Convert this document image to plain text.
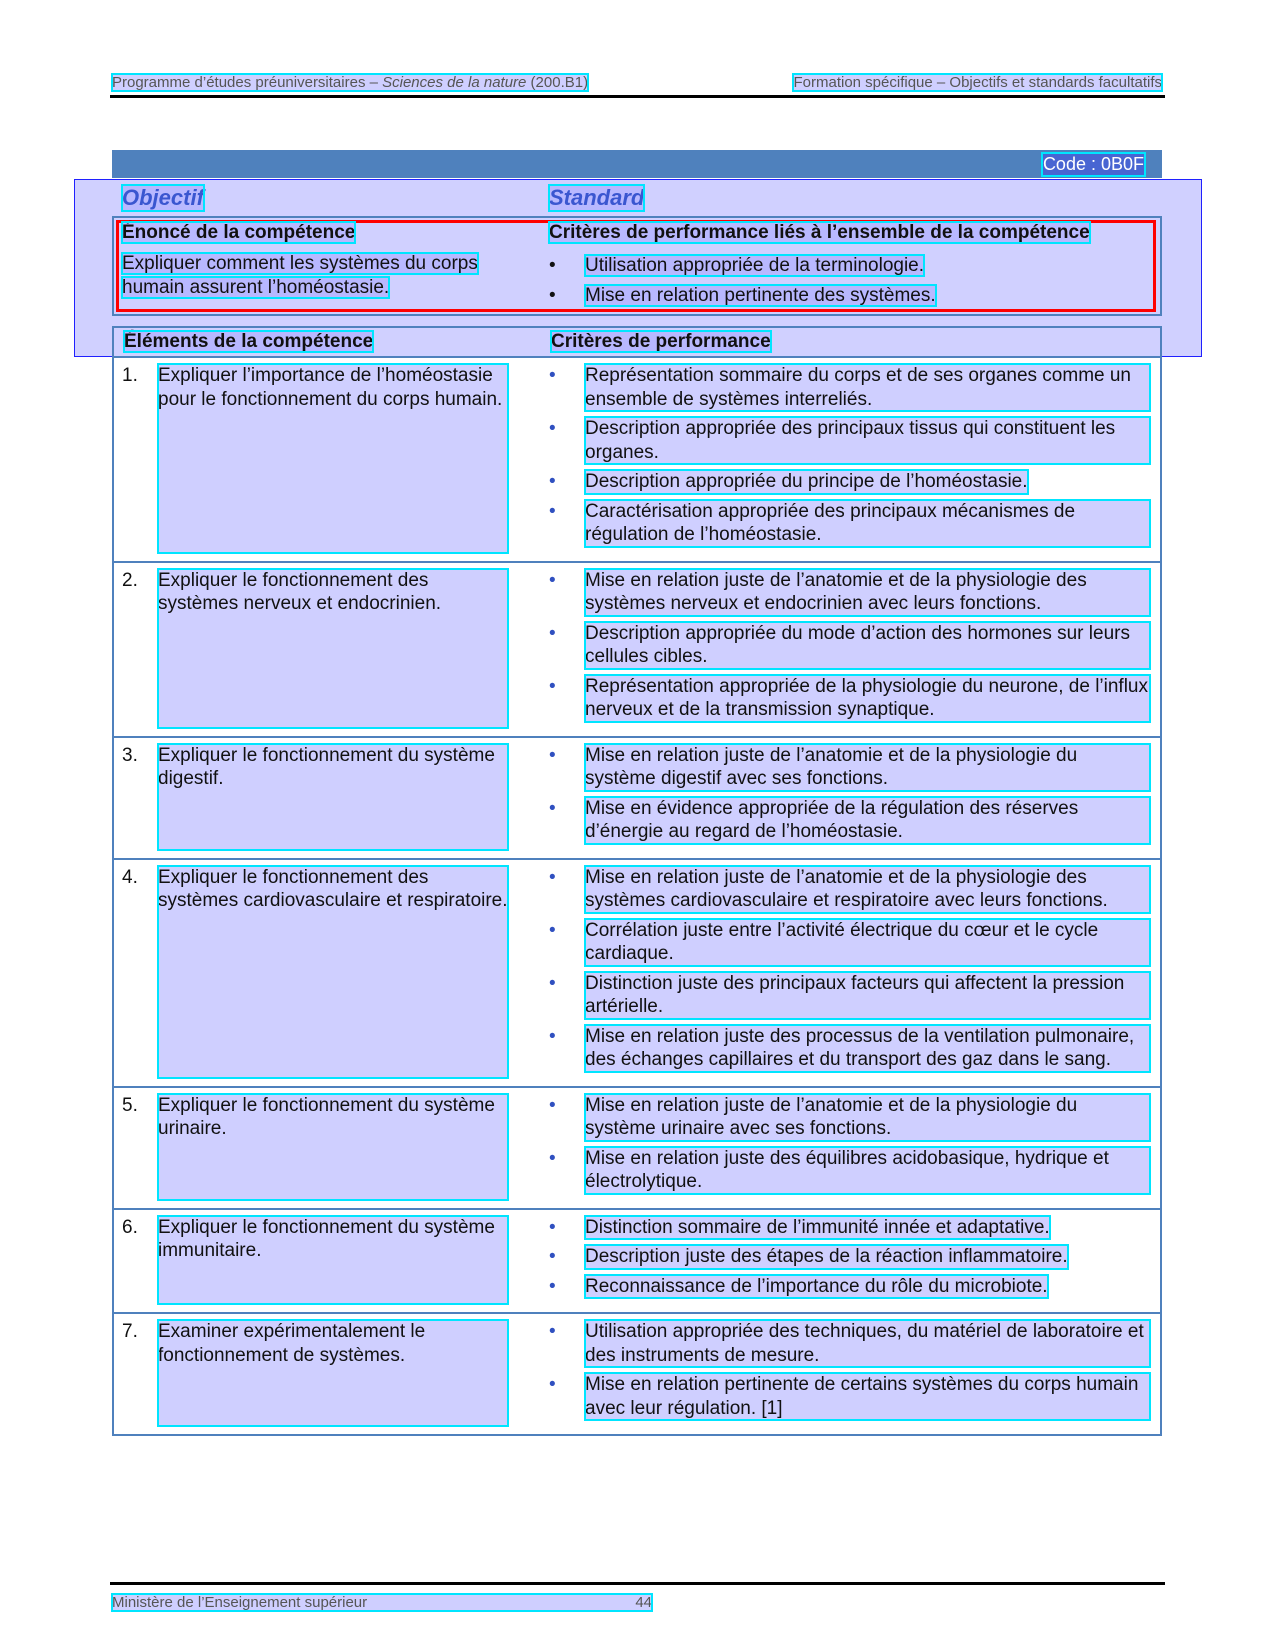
Programme d’études préuniversitaires – Sciences de la nature (200.B1)	Formation spécifique – Objectifs et standards facultatifs
Code : 0B0F
Objectif	Standard
Énoncé de la compétence	Critères de performance liés à l’ensemble de la compétence
Expliquer comment les systèmes du corps
humain assurent l’homéostasie.
• Utilisation appropriée de la terminologie.
• Mise en relation pertinente des systèmes.
Éléments de la compétence	Critères de performance
1.	Expliquer l’importance de l’homéostasie pour le fonctionnement du corps humain.
•	Représentation sommaire du corps et de ses organes comme un ensemble de systèmes interreliés.
•	Description appropriée des principaux tissus qui constituent les organes.
•	Description appropriée du principe de l’homéostasie.
•	Caractérisation appropriée des principaux mécanismes de régulation de l’homéostasie.
2.	Expliquer le fonctionnement des systèmes nerveux et endocrinien.
•	Mise en relation juste de l’anatomie et de la physiologie des systèmes nerveux et endocrinien avec leurs fonctions.
•	Description appropriée du mode d’action des hormones sur leurs cellules cibles.
•	Représentation appropriée de la physiologie du neurone, de l’influx nerveux et de la transmission synaptique.
3.	Expliquer le fonctionnement du système digestif.
•	Mise en relation juste de l’anatomie et de la physiologie du système digestif avec ses fonctions.
•	Mise en évidence appropriée de la régulation des réserves d’énergie au regard de l’homéostasie.
4.	Expliquer le fonctionnement des systèmes cardiovasculaire et respiratoire.
•	Mise en relation juste de l’anatomie et de la physiologie des systèmes cardiovasculaire et respiratoire avec leurs fonctions.
•	Corrélation juste entre l’activité électrique du cœur et le cycle cardiaque.
•	Distinction juste des principaux facteurs qui affectent la pression artérielle.
•	Mise en relation juste des processus de la ventilation pulmonaire, des échanges capillaires et du transport des gaz dans le sang.
5.	Expliquer le fonctionnement du système urinaire.
•	Mise en relation juste de l’anatomie et de la physiologie du système urinaire avec ses fonctions.
•	Mise en relation juste des équilibres acidobasique, hydrique et électrolytique.
6.	Expliquer le fonctionnement du système immunitaire.
•	Distinction sommaire de l’immunité innée et adaptative.
•	Description juste des étapes de la réaction inflammatoire.
•	Reconnaissance de l’importance du rôle du microbiote.
7.	Examiner expérimentalement le fonctionnement de systèmes.
•	Utilisation appropriée des techniques, du matériel de laboratoire et des instruments de mesure.
•	Mise en relation pertinente de certains systèmes du corps humain avec leur régulation. [1]
Ministère de l’Enseignement supérieur	44
